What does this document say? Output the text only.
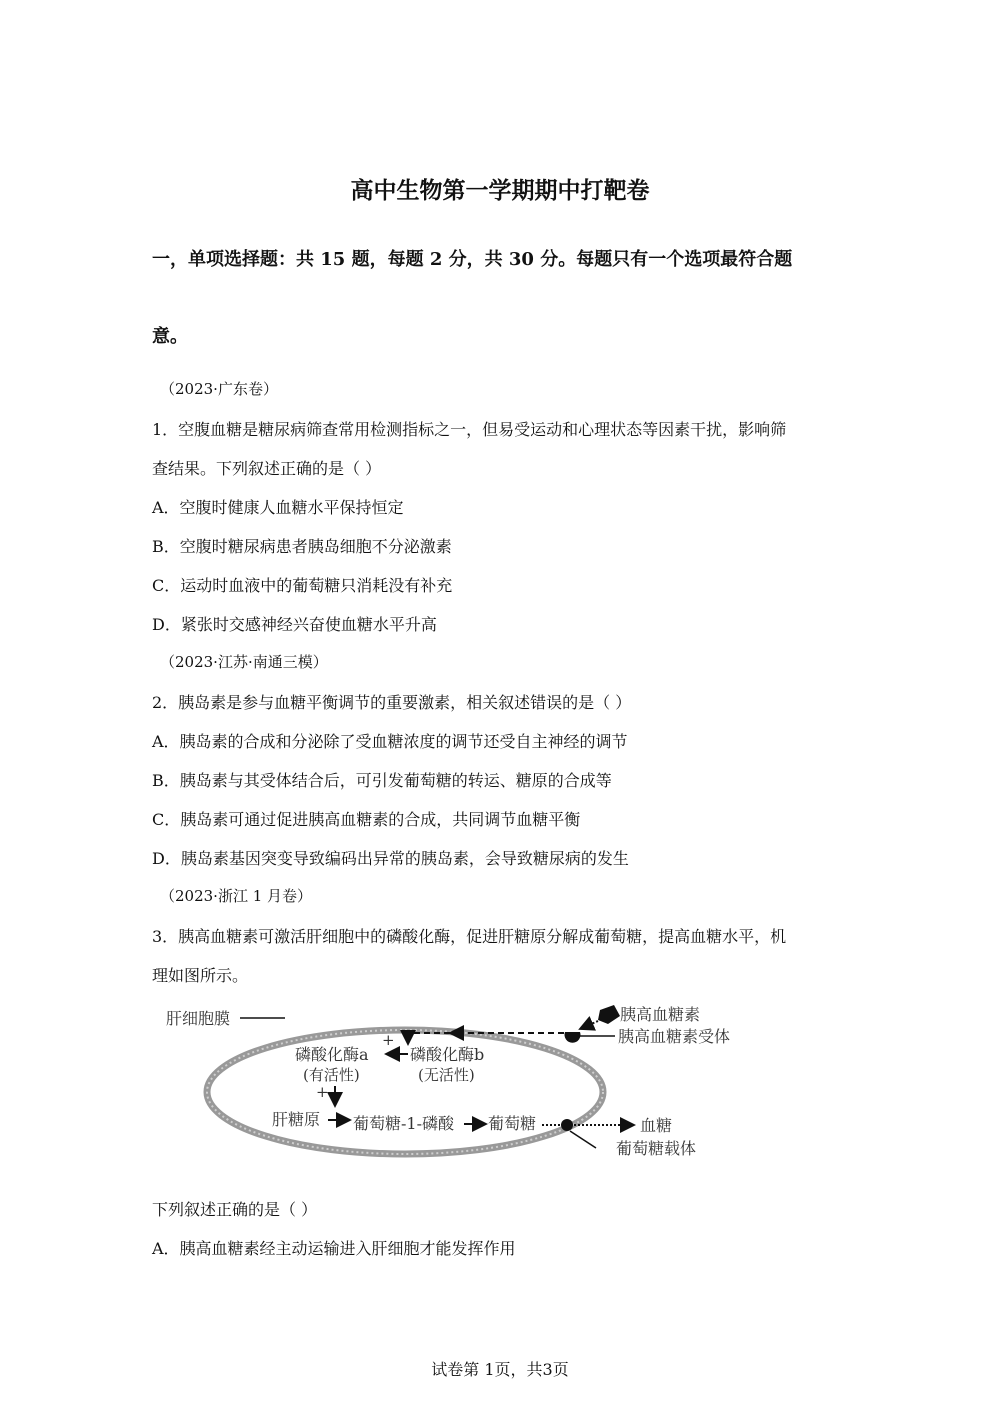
高中生物第一学期期中打靶卷
一，单项选择题：共 15 题，每题 2 分，共 30 分。每题只有一个选项最符合题
意。
（2023·广东卷）
1．空腹血糖是糖尿病筛查常用检测指标之一，但易受运动和心理状态等因素干扰，影响筛
查结果。下列叙述正确的是（ ）
A．空腹时健康人血糖水平保持恒定
B．空腹时糖尿病患者胰岛细胞不分泌激素
C．运动时血液中的葡萄糖只消耗没有补充
D．紧张时交感神经兴奋使血糖水平升高
（2023·江苏·南通三模）
2．胰岛素是参与血糖平衡调节的重要激素，相关叙述错误的是（ ）
A．胰岛素的合成和分泌除了受血糖浓度的调节还受自主神经的调节
B．胰岛素与其受体结合后，可引发葡萄糖的转运、糖原的合成等
C．胰岛素可通过促进胰高血糖素的合成，共同调节血糖平衡
D．胰岛素基因突变导致编码出异常的胰岛素，会导致糖尿病的发生
（2023·浙江 1 月卷）
3．胰高血糖素可激活肝细胞中的磷酸化酶，促进肝糖原分解成葡萄糖，提高血糖水平，机
理如图所示。
肝细胞膜	胰高血糖素
胰高血糖素受体
+
磷酸化酶a
(有活性)
磷酸化酶b
(无活性)
+
肝糖原 葡萄糖-1-磷酸 葡萄糖	血糖
葡萄糖载体
下列叙述正确的是（ ）
A．胰高血糖素经主动运输进入肝细胞才能发挥作用
试卷第 1页，共3页
